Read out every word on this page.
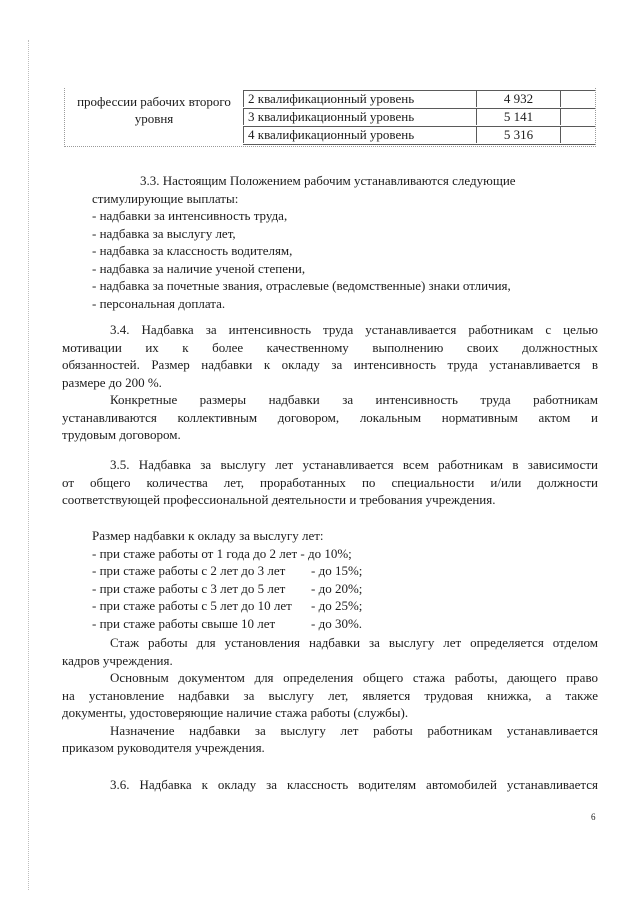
профессии рабочих второго уровня
2 квалификационный уровень	4 932
3 квалификационный уровень	5 141
4 квалификационный уровень	5 316
3.3. Настоящим Положением рабочим устанавливаются следующие
стимулирующие выплаты:
- надбавки за интенсивность труда,
- надбавка за выслугу лет,
- надбавка за классность водителям,
- надбавка за наличие ученой степени,
- надбавка за почетные звания, отраслевые (ведомственные) знаки отличия,
- персональная доплата.
3.4. Надбавка за интенсивность труда устанавливается работникам с целью
мотивации их к более качественному выполнению своих должностных
обязанностей. Размер надбавки к окладу за интенсивность труда устанавливается в
размере до 200 %.
Конкретные размеры надбавки за интенсивность труда работникам
устанавливаются коллективным договором, локальным нормативным актом и
трудовым договором.
3.5. Надбавка за выслугу лет устанавливается всем работникам в зависимости
от общего количества лет, проработанных по специальности и/или должности
соответствующей профессиональной деятельности и требования учреждения.
Размер надбавки к окладу за выслугу лет:
- при стаже работы от 1 года до 2 лет - до 10%;
- при стаже работы с 2 лет до 3 лет - до 15%;
- при стаже работы с 3 лет до 5 лет - до 20%;
- при стаже работы с 5 лет до 10 лет - до 25%;
- при стаже работы свыше 10 лет	- до 30%.
Стаж работы для установления надбавки за выслугу лет определяется отделом
кадров учреждения.
Основным документом для определения общего стажа работы, дающего право
на установление надбавки за выслугу лет, является трудовая книжка, а также
документы, удостоверяющие наличие стажа работы (службы).
Назначение надбавки за выслугу лет работы работникам устанавливается
приказом руководителя учреждения.
3.6. Надбавка к окладу за классность водителям автомобилей устанавливается
6
